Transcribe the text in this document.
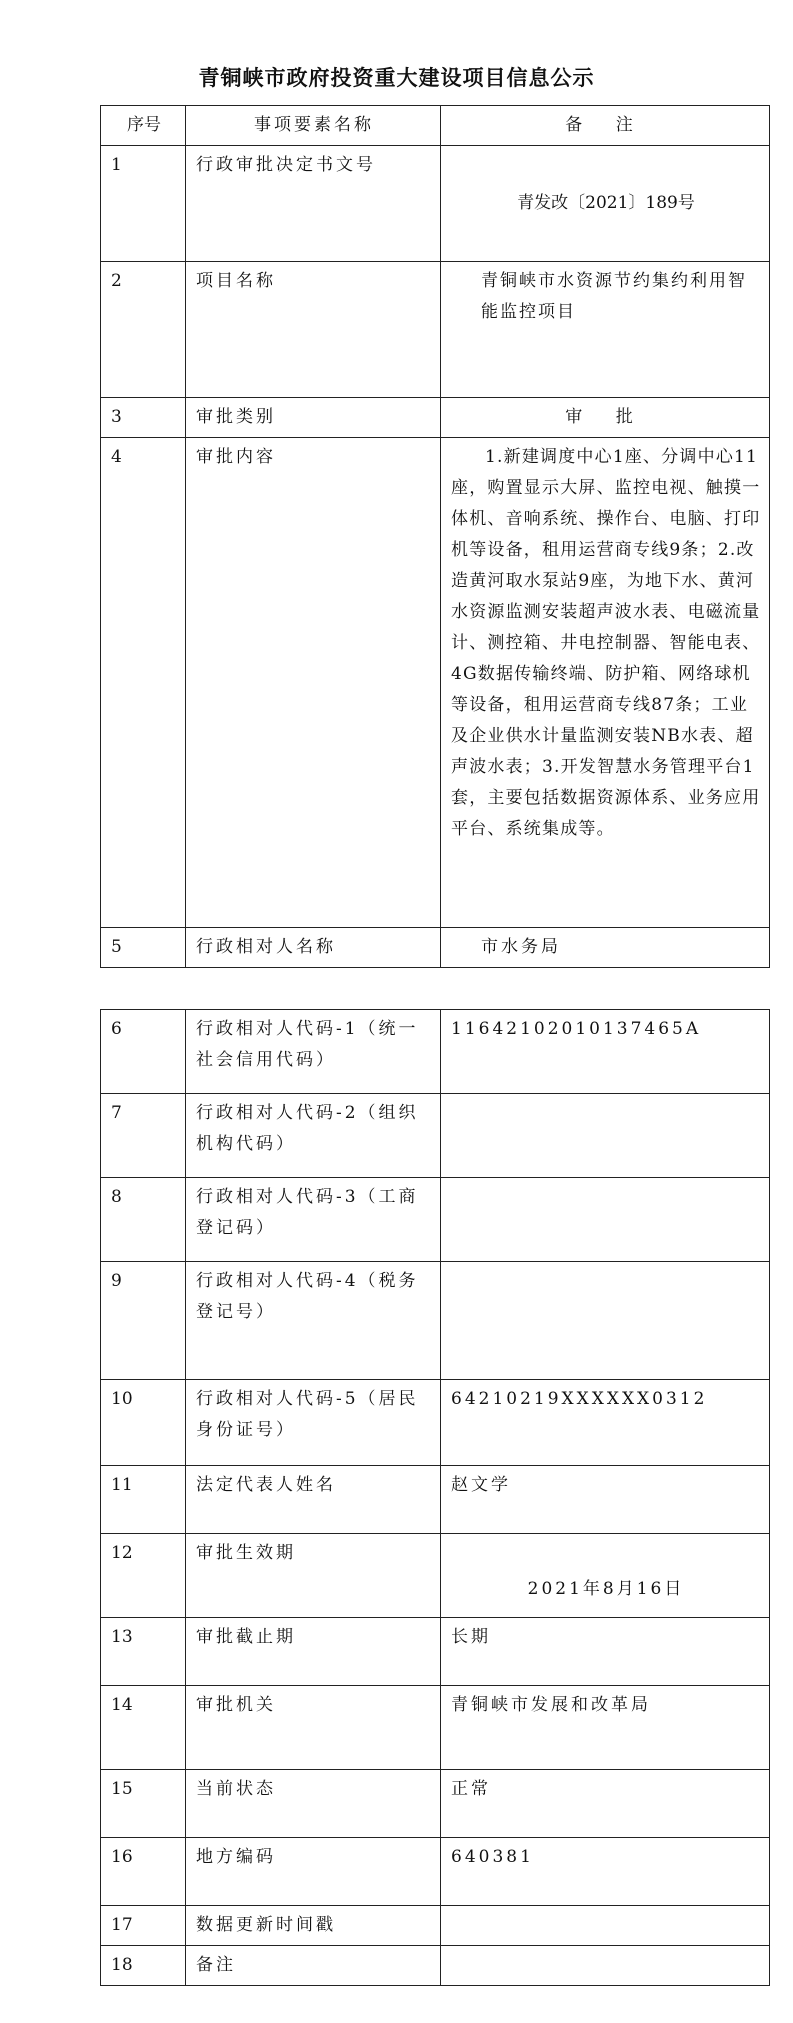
青铜峡市政府投资重大建设项目信息公示
序号	事项要素名称	备 注
1	行政审批决定书文号	青发改〔2021〕189号
2	项目名称	青铜峡市水资源节约集约利用智能监控项目
3	审批类别	审 批
4	审批内容	1.新建调度中心1座、分调中心11座，购置显示大屏、监控电视、触摸一体机、音响系统、操作台、电脑、打印机等设备，租用运营商专线9条；2.改造黄河取水泵站9座，为地下水、黄河水资源监测安装超声波水表、电磁流量计、测控箱、井电控制器、智能电表、4G数据传输终端、防护箱、网络球机等设备，租用运营商专线87条；工业及企业供水计量监测安装NB水表、超声波水表；3.开发智慧水务管理平台1套，主要包括数据资源体系、业务应用平台、系统集成等。
5	行政相对人名称	市水务局
6	行政相对人代码-1（统一社会信用代码）	11642102010137465A
7	行政相对人代码-2（组织机构代码）	
8	行政相对人代码-3（工商登记码）	
9	行政相对人代码-4（税务登记号）	
10	行政相对人代码-5（居民身份证号）	64210219XXXXXX0312
11	法定代表人姓名	赵文学
12	审批生效期	2021年8月16日
13	审批截止期	长期
14	审批机关	青铜峡市发展和改革局
15	当前状态	正常
16	地方编码	640381
17	数据更新时间戳	
18	备注	
